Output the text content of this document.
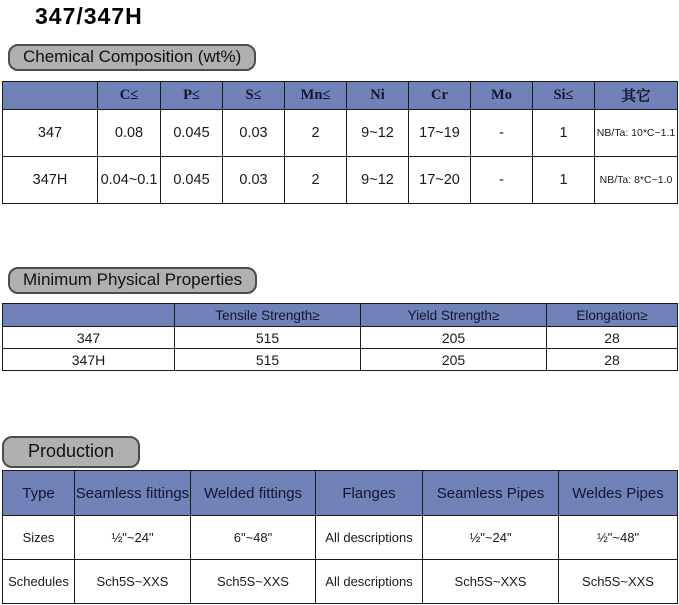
347/347H
Chemical Composition (wt%)
	C≤	P≤	S≤	Mn≤	Ni	Cr	Mo	Si≤	其它
347	0.08	0.045	0.03	2	9~12	17~19	-	1	NB/Ta: 10*C~1.1
347H	0.04~0.1	0.045	0.03	2	9~12	17~20	-	1	NB/Ta: 8*C~1.0
Minimum Physical Properties
	Tensile Strength≥	Yield Strength≥	Elongation≥
347	515	205	28
347H	515	205	28
Production
Type	Seamless fittings	Welded fittings	Flanges	Seamless Pipes	Weldes Pipes
Sizes	½"~24"	6"~48"	All descriptions	½"~24"	½"~48"
Schedules	Sch5S~XXS	Sch5S~XXS	All descriptions	Sch5S~XXS	Sch5S~XXS
